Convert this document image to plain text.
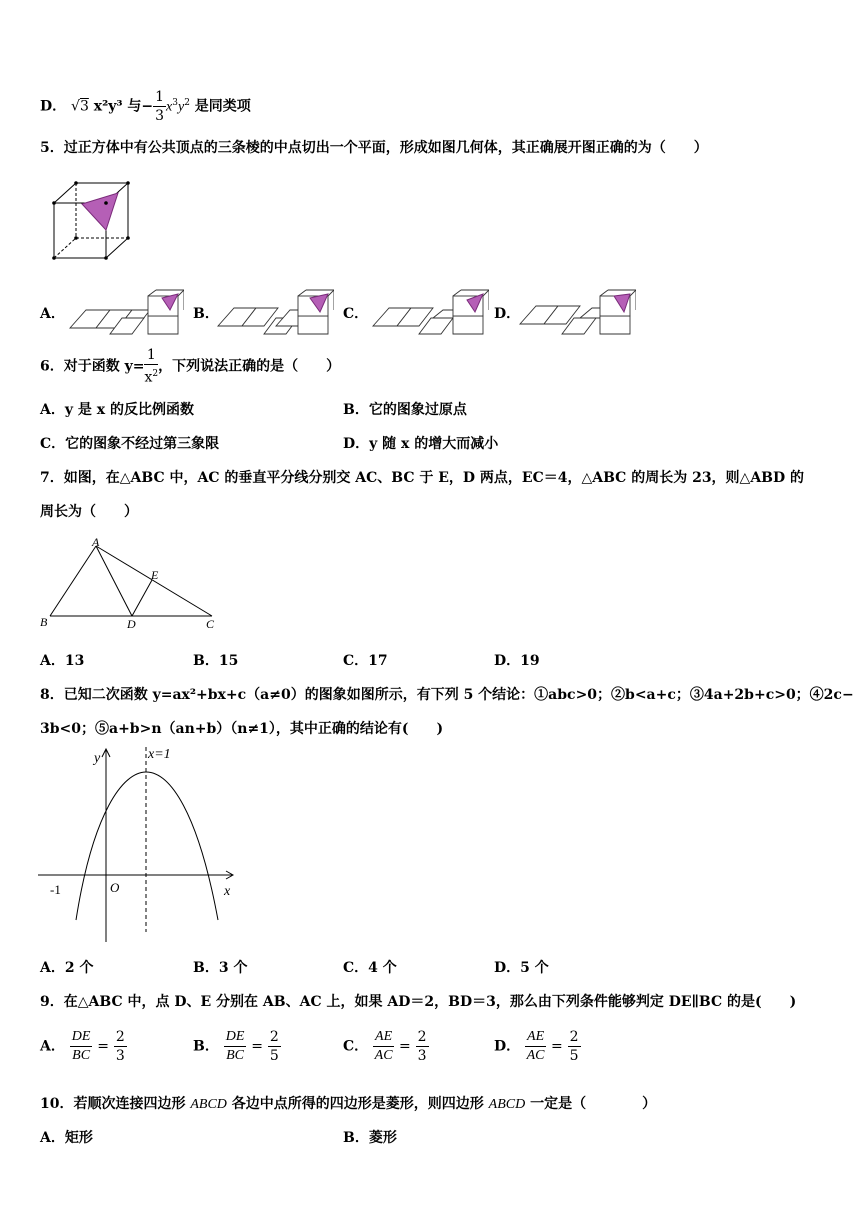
D． √3 x²y³ 与− $\frac{1}{3} x^3y^2$ 是同类项
5．过正方体中有公共顶点的三条棱的中点切出一个平面，形成如图几何体，其正确展开图正确的为（　　）
A．	B．	C．	D．
6．对于函数 $y= \frac{1}{x^2}$ ，下列说法正确的是（　　）
A．y 是 x 的反比例函数	B．它的图象过原点
C．它的图象不经过第三象限	D．y 随 x 的增大而减小
7．如图，在△ABC 中，AC 的垂直平分线分别交 AC、BC 于 E，D 两点，EC＝4，△ABC 的周长为 23，则△ABD 的
周长为（　　）
A
B	C
D
E
A．13	B．15	C．17	D．19
8．已知二次函数 y=ax²+bx+c（a≠0）的图象如图所示，有下列 5 个结论：①abc>0；②b<a+c；③4a+2b+c>0；④2c−
3b<0；⑤a+b>n（an+b）（n≠1），其中正确的结论有(　　)
y	x=1
x
-1	O
A．2 个	B．3 个	C．4 个	D．5 个
9．在△ABC 中，点 D、E 分别在 AB、AC 上，如果 AD＝2，BD＝3，那么由下列条件能够判定 DE∥BC 的是(　　)
A． $\frac{DE}{BC} = \frac{2}{3}$	B． $\frac{DE}{BC} = \frac{2}{5}$	C． $\frac{AE}{AC} = \frac{2}{3}$	D． $\frac{AE}{AC} = \frac{2}{5}$
10．若顺次连接四边形 ABCD 各边中点所得的四边形是菱形，则四边形 ABCD 一定是（　　　　）
A．矩形	B．菱形
